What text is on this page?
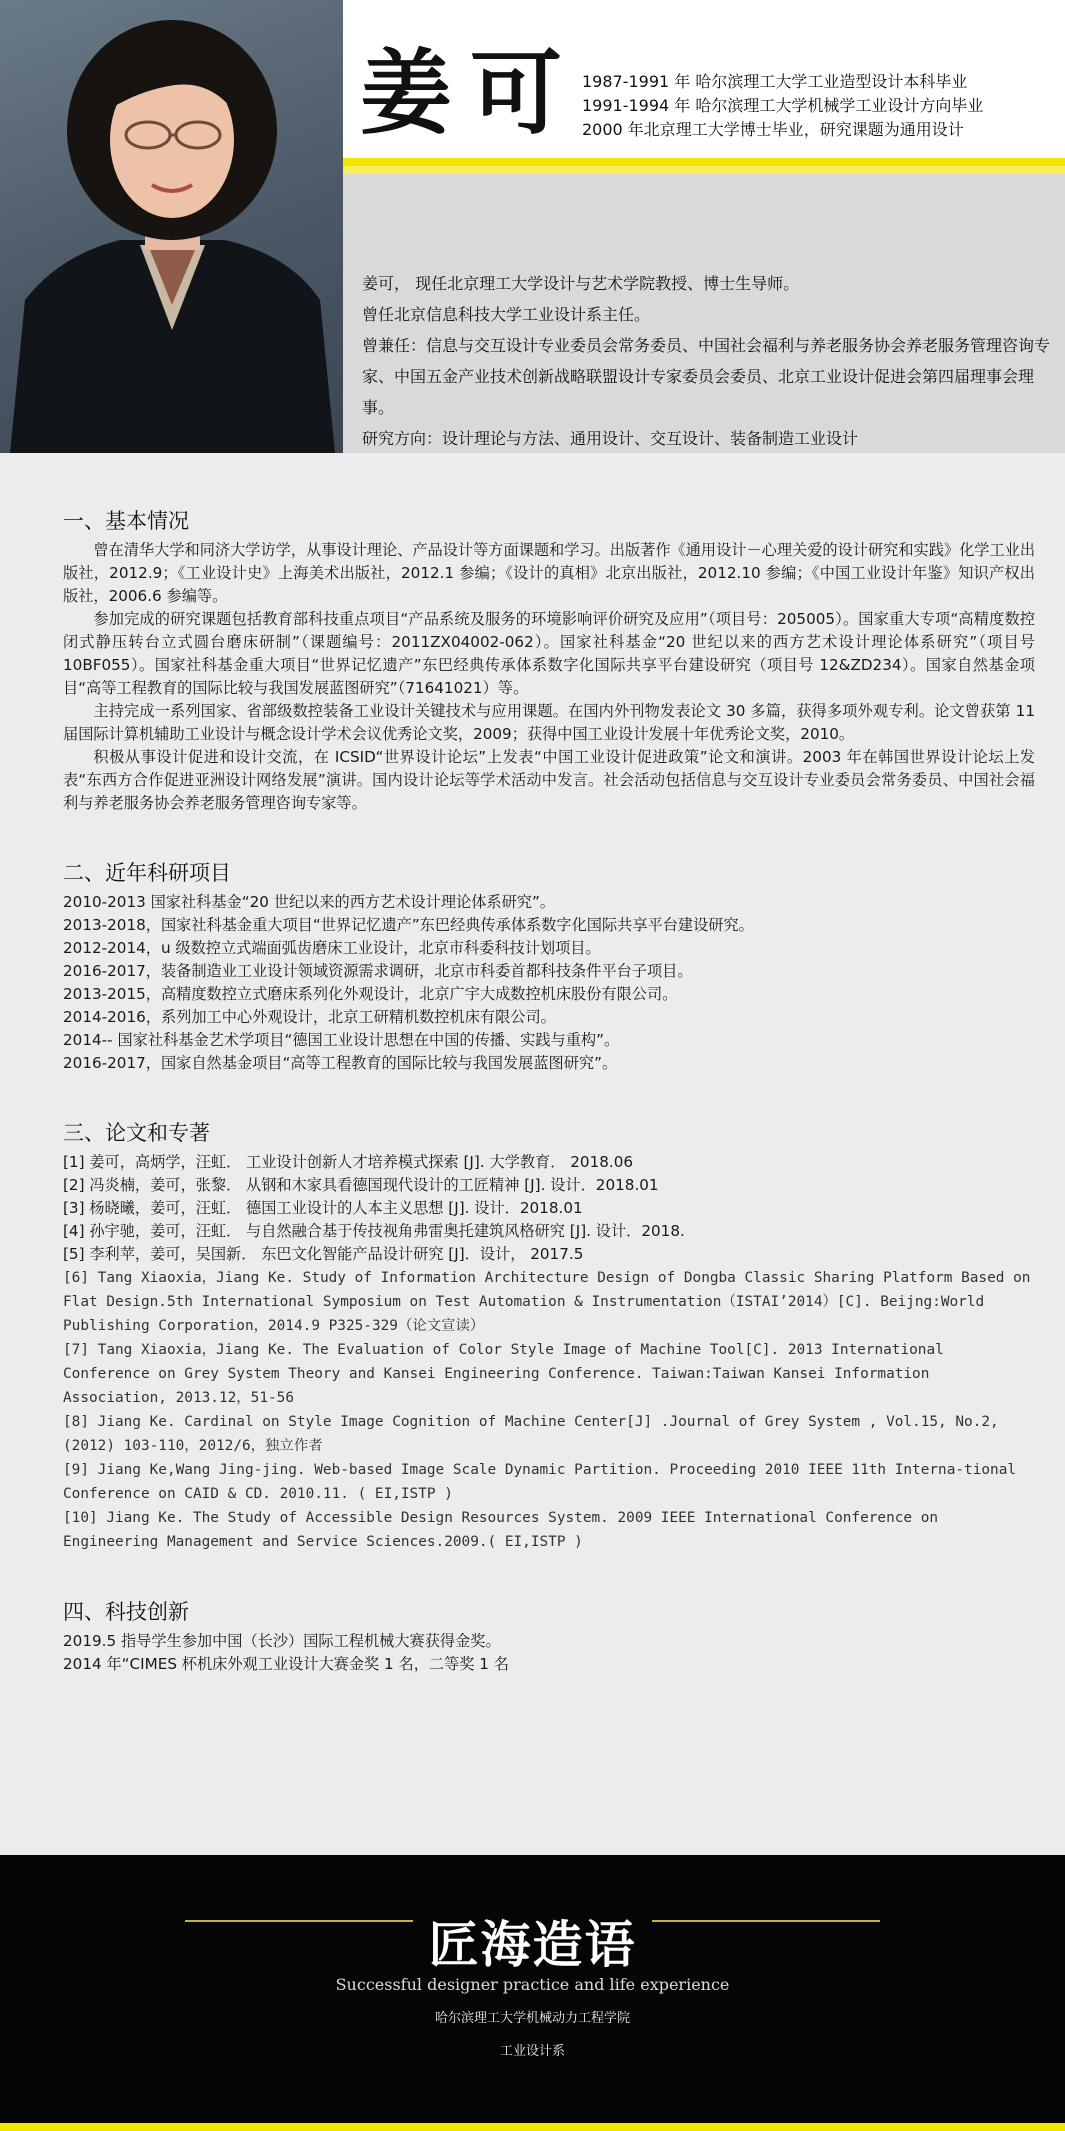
姜可 1987-1991 年 哈尔滨理工大学工业造型设计本科毕业
1991-1994 年 哈尔滨理工大学机械学工业设计方向毕业
2000 年北京理工大学博士毕业，研究课题为通用设计

姜可， 现任北京理工大学设计与艺术学院教授、博士生导师。

曾任北京信息科技大学工业设计系主任。

曾兼任：信息与交互设计专业委员会常务委员、中国社会福利与养老服务协会养老服务管理咨询专家、中国五金产业技术创新战略联盟设计专家委员会委员、北京工业设计促进会第四届理事会理事。

研究方向：设计理论与方法、通用设计、交互设计、装备制造工业设计

一、基本情况

曾在清华大学和同济大学访学，从事设计理论、产品设计等方面课题和学习。出版著作《通用设计－心理关爱的设计研究和实践》化学工业出版社，2012.9；《工业设计史》上海美术出版社，2012.1 参编；《设计的真相》北京出版社，2012.10 参编；《中国工业设计年鉴》知识产权出版社，2006.6 参编等。

参加完成的研究课题包括教育部科技重点项目“产品系统及服务的环境影响评价研究及应用”（项目号：205005）。国家重大专项“高精度数控闭式静压转台立式圆台磨床研制”（课题编号：2011ZX04002-062）。国家社科基金“20 世纪以来的西方艺术设计理论体系研究”（项目号 10BF055）。国家社科基金重大项目“世界记忆遗产”东巴经典传承体系数字化国际共享平台建设研究（项目号 12&ZD234）。国家自然基金项目“高等工程教育的国际比较与我国发展蓝图研究”（71641021）等。

主持完成一系列国家、省部级数控装备工业设计关键技术与应用课题。在国内外刊物发表论文 30 多篇，获得多项外观专利。论文曾获第 11 届国际计算机辅助工业设计与概念设计学术会议优秀论文奖，2009；获得中国工业设计发展十年优秀论文奖，2010。

积极从事设计促进和设计交流，在 ICSID“世界设计论坛”上发表“中国工业设计促进政策”论文和演讲。2003 年在韩国世界设计论坛上发表“东西方合作促进亚洲设计网络发展”演讲。国内设计论坛等学术活动中发言。社会活动包括信息与交互设计专业委员会常务委员、中国社会福利与养老服务协会养老服务管理咨询专家等。

二、近年科研项目

2010-2013 国家社科基金“20 世纪以来的西方艺术设计理论体系研究”。

2013-2018，国家社科基金重大项目“世界记忆遗产”东巴经典传承体系数字化国际共享平台建设研究。

2012-2014，u 级数控立式端面弧齿磨床工业设计，北京市科委科技计划项目。

2016-2017，装备制造业工业设计领域资源需求调研，北京市科委首都科技条件平台子项目。

2013-2015，高精度数控立式磨床系列化外观设计，北京广宇大成数控机床股份有限公司。

2014-2016，系列加工中心外观设计，北京工研精机数控机床有限公司。

2014-- 国家社科基金艺术学项目“德国工业设计思想在中国的传播、实践与重构”。

2016-2017，国家自然基金项目“高等工程教育的国际比较与我国发展蓝图研究”。

三、论文和专著

[1] 姜可，高炳学，汪虹． 工业设计创新人才培养模式探索 [J]. 大学教育． 2018.06

[2] 冯炎楠，姜可，张黎． 从钢和木家具看德国现代设计的工匠精神 [J]. 设计．2018.01

[3] 杨晓曦，姜可，汪虹． 德国工业设计的人本主义思想 [J]. 设计．2018.01

[4] 孙宇驰，姜可，汪虹． 与自然融合基于传技视角弗雷奥托建筑风格研究 [J]. 设计．2018.

[5] 李利苹，姜可，吴国新． 东巴文化智能产品设计研究 [J]．设计， 2017.5

[6] Tang Xiaoxia，Jiang Ke. Study of Information Architecture Design of Dongba Classic Sharing Platform Based on Flat Design.5th International Symposium on Test Automation & Instrumentation（ISTAI’2014）[C]. Beijng:World Publishing Corporation，2014.9 P325-329（论文宣读）

[7] Tang Xiaoxia，Jiang Ke. The Evaluation of Color Style Image of Machine Tool[C]. 2013 International Conference on Grey System Theory and Kansei Engineering Conference. Taiwan:Taiwan Kansei Information Association, 2013.12，51-56

[8] Jiang Ke. Cardinal on Style Image Cognition of Machine Center[J] .Journal of Grey System , Vol.15, No.2, (2012) 103-110，2012/6，独立作者

[9] Jiang Ke,Wang Jing-jing. Web-based Image Scale Dynamic Partition. Proceeding 2010 IEEE 11th Interna-tional Conference on CAID & CD. 2010.11. ( EI,ISTP )

[10] Jiang Ke. The Study of Accessible Design Resources System. 2009 IEEE International Conference on Engineering Management and Service Sciences.2009.( EI,ISTP )

四、科技创新

2019.5 指导学生参加中国（长沙）国际工程机械大赛获得金奖。

2014 年“CIMES 杯机床外观工业设计大赛金奖 1 名，二等奖 1 名

匠海造语
Successful designer practice and life experience
哈尔滨理工大学机械动力工程学院
工业设计系
